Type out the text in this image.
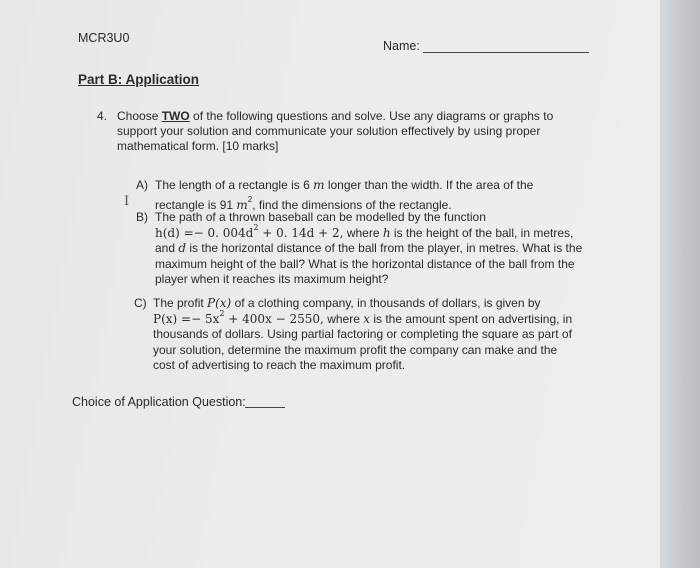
MCR3U0
Name:
Part B: Application
4. Choose TWO of the following questions and solve. Use any diagrams or graphs to
support your solution and communicate your solution effectively by using proper
mathematical form. [10 marks]
A) The length of a rectangle is 6 m longer than the width. If the area of the
rectangle is 91 $m^2$, find the dimensions of the rectangle.
I
B) The path of a thrown baseball can be modelled by the function
h(d) =− 0. $004d^2 + 0$. 14d + 2, where h is the height of the ball, in metres,
and d is the horizontal distance of the ball from the player, in metres. What is the
maximum height of the ball? What is the horizontal distance of the ball from the
player when it reaches its maximum height?
C) The profit P(x) of a clothing company, in thousands of dollars, is given by
$P(x) =- 5x^2 + 400x - 2550$, where x is the amount spent on advertising, in
thousands of dollars. Using partial factoring or completing the square as part of
your solution, determine the maximum profit the company can make and the
cost of advertising to reach the maximum profit.
Choice of Application Question:
